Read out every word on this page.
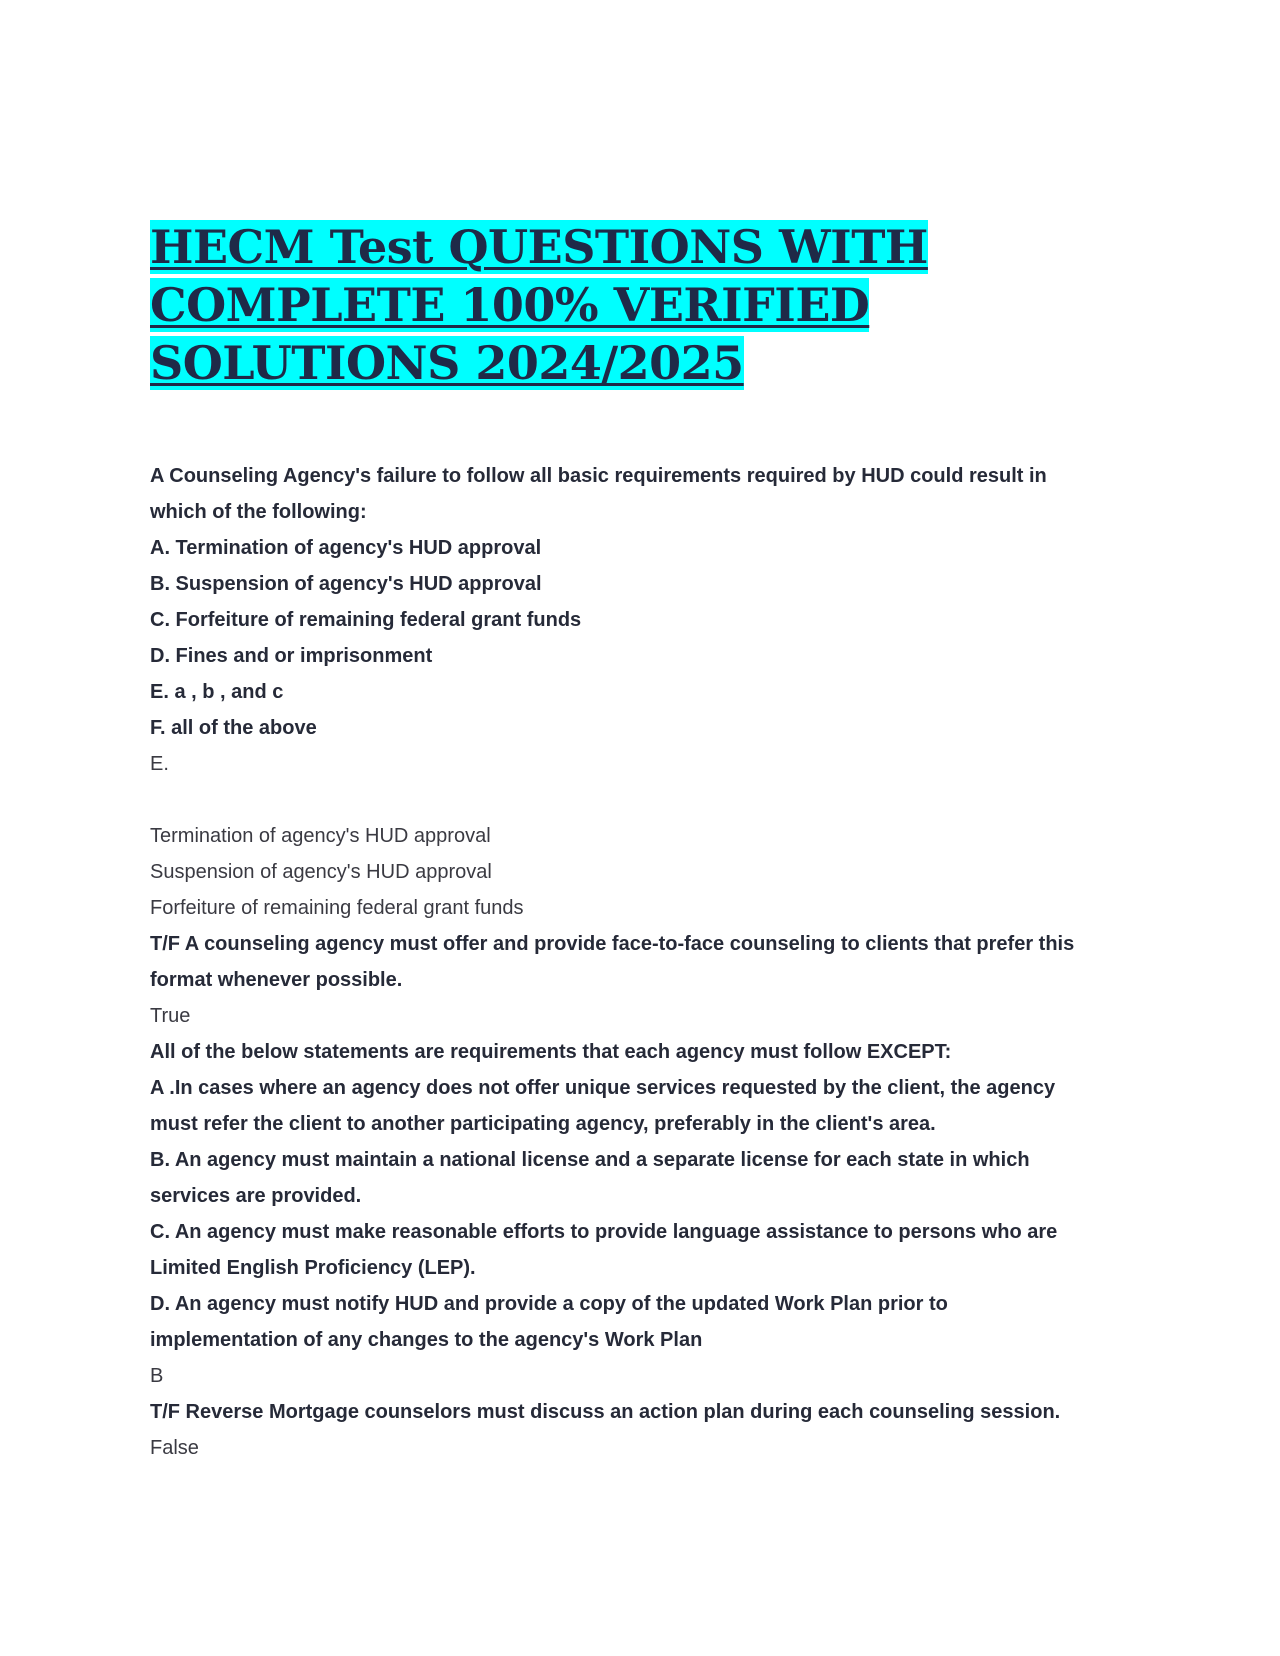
HECM Test QUESTIONS WITH
COMPLETE 100% VERIFIED
SOLUTIONS 2024/2025

A Counseling Agency's failure to follow all basic requirements required by HUD could result in

which of the following:

A. Termination of agency's HUD approval

B. Suspension of agency's HUD approval

C. Forfeiture of remaining federal grant funds

D. Fines and or imprisonment

E. a , b , and c

F. all of the above

E.

Termination of agency's HUD approval

Suspension of agency's HUD approval

Forfeiture of remaining federal grant funds

T/F A counseling agency must offer and provide face-to-face counseling to clients that prefer this

format whenever possible.

True

All of the below statements are requirements that each agency must follow EXCEPT:

A .In cases where an agency does not offer unique services requested by the client, the agency

must refer the client to another participating agency, preferably in the client's area.

B. An agency must maintain a national license and a separate license for each state in which

services are provided.

C. An agency must make reasonable efforts to provide language assistance to persons who are

Limited English Proficiency (LEP).

D. An agency must notify HUD and provide a copy of the updated Work Plan prior to

implementation of any changes to the agency's Work Plan

B

T/F Reverse Mortgage counselors must discuss an action plan during each counseling session.

False
